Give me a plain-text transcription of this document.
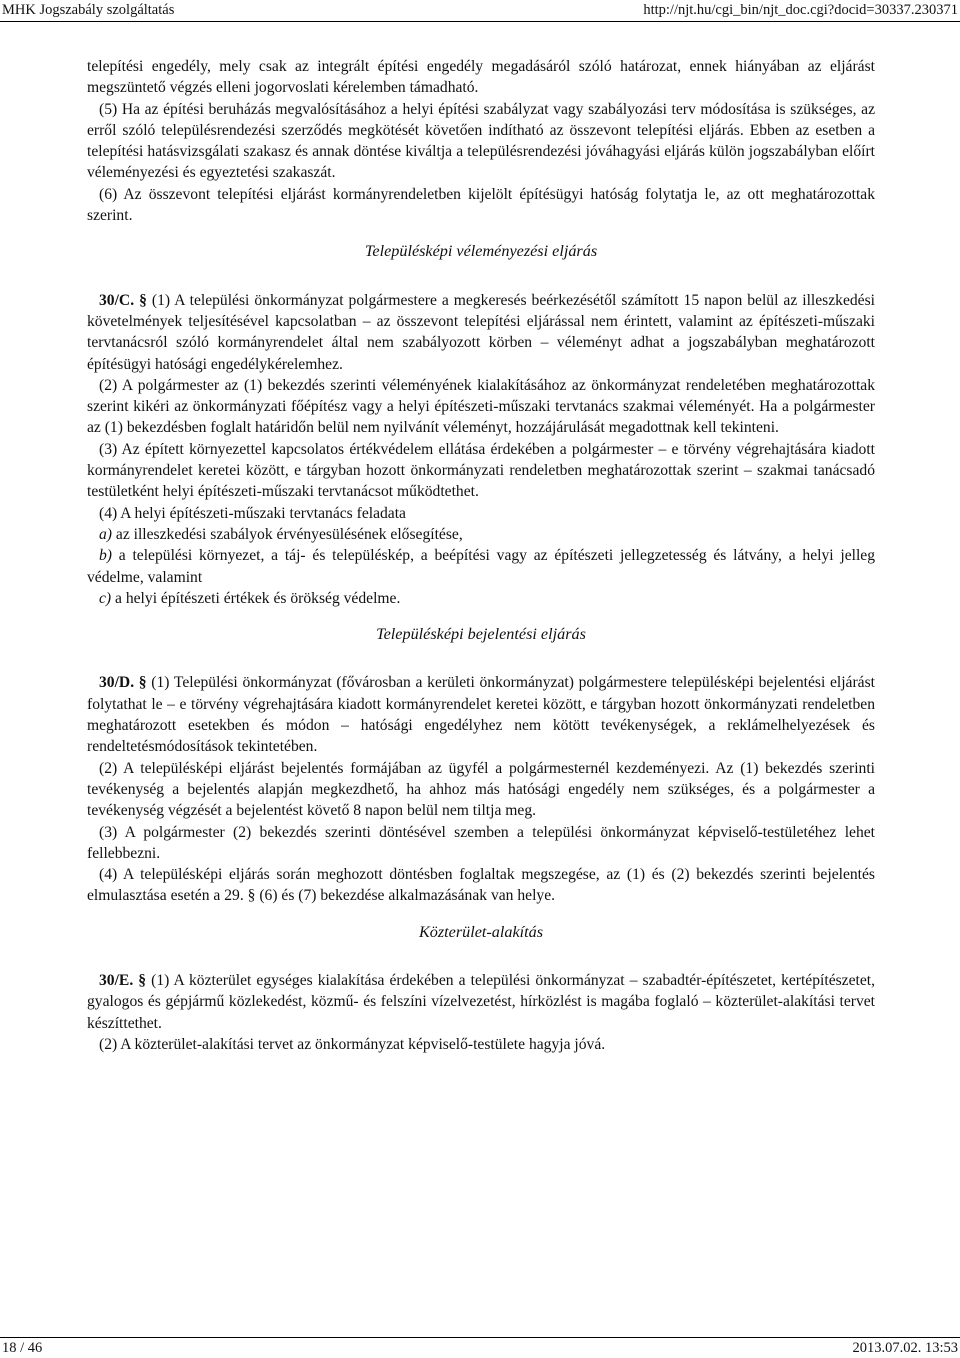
MHK Jogszabály szolgáltatás	http://njt.hu/cgi_bin/njt_doc.cgi?docid=30337.230371

telepítési engedély, mely csak az integrált építési engedély megadásáról szóló határozat, ennek hiányában az eljárást megszüntető végzés elleni jogorvoslati kérelemben támadható.

(5) Ha az építési beruházás megvalósításához a helyi építési szabályzat vagy szabályozási terv módosítása is szükséges, az erről szóló településrendezési szerződés megkötését követően indítható az összevont telepítési eljárás. Ebben az esetben a telepítési hatásvizsgálati szakasz és annak döntése kiváltja a településrendezési jóváhagyási eljárás külön jogszabályban előírt véleményezési és egyeztetési szakaszát.

(6) Az összevont telepítési eljárást kormányrendeletben kijelölt építésügyi hatóság folytatja le, az ott meghatározottak szerint.

Településképi véleményezési eljárás

30/C. § (1) A települési önkormányzat polgármestere a megkeresés beérkezésétől számított 15 napon belül az illeszkedési követelmények teljesítésével kapcsolatban – az összevont telepítési eljárással nem érintett, valamint az építészeti-műszaki tervtanácsról szóló kormányrendelet által nem szabályozott körben – véleményt adhat a jogszabályban meghatározott építésügyi hatósági engedélykérelemhez.

(2) A polgármester az (1) bekezdés szerinti véleményének kialakításához az önkormányzat rendeletében meghatározottak szerint kikéri az önkormányzati főépítész vagy a helyi építészeti-műszaki tervtanács szakmai véleményét. Ha a polgármester az (1) bekezdésben foglalt határidőn belül nem nyilvánít véleményt, hozzájárulását megadottnak kell tekinteni.

(3) Az épített környezettel kapcsolatos értékvédelem ellátása érdekében a polgármester – e törvény végrehajtására kiadott kormányrendelet keretei között, e tárgyban hozott önkormányzati rendeletben meghatározottak szerint – szakmai tanácsadó testületként helyi építészeti-műszaki tervtanácsot működtethet.

(4) A helyi építészeti-műszaki tervtanács feladata

a) az illeszkedési szabályok érvényesülésének elősegítése,

b) a települési környezet, a táj- és településkép, a beépítési vagy az építészeti jellegzetesség és látvány, a helyi jelleg védelme, valamint

c) a helyi építészeti értékek és örökség védelme.

Településképi bejelentési eljárás

30/D. § (1) Települési önkormányzat (fővárosban a kerületi önkormányzat) polgármestere településképi bejelentési eljárást folytathat le – e törvény végrehajtására kiadott kormányrendelet keretei között, e tárgyban hozott önkormányzati rendeletben meghatározott esetekben és módon – hatósági engedélyhez nem kötött tevékenységek, a reklámelhelyezések és rendeltetésmódosítások tekintetében.

(2) A településképi eljárást bejelentés formájában az ügyfél a polgármesternél kezdeményezi. Az (1) bekezdés szerinti tevékenység a bejelentés alapján megkezdhető, ha ahhoz más hatósági engedély nem szükséges, és a polgármester a tevékenység végzését a bejelentést követő 8 napon belül nem tiltja meg.

(3) A polgármester (2) bekezdés szerinti döntésével szemben a települési önkormányzat képviselő-testületéhez lehet fellebbezni.

(4) A településképi eljárás során meghozott döntésben foglaltak megszegése, az (1) és (2) bekezdés szerinti bejelentés elmulasztása esetén a 29. § (6) és (7) bekezdése alkalmazásának van helye.

Közterület-alakítás

30/E. § (1) A közterület egységes kialakítása érdekében a települési önkormányzat – szabadtér-építészetet, kertépítészetet, gyalogos és gépjármű közlekedést, közmű- és felszíni vízelvezetést, hírközlést is magába foglaló – közterület-alakítási tervet készíttethet.

(2) A közterület-alakítási tervet az önkormányzat képviselő-testülete hagyja jóvá.

18 / 46	2013.07.02. 13:53
